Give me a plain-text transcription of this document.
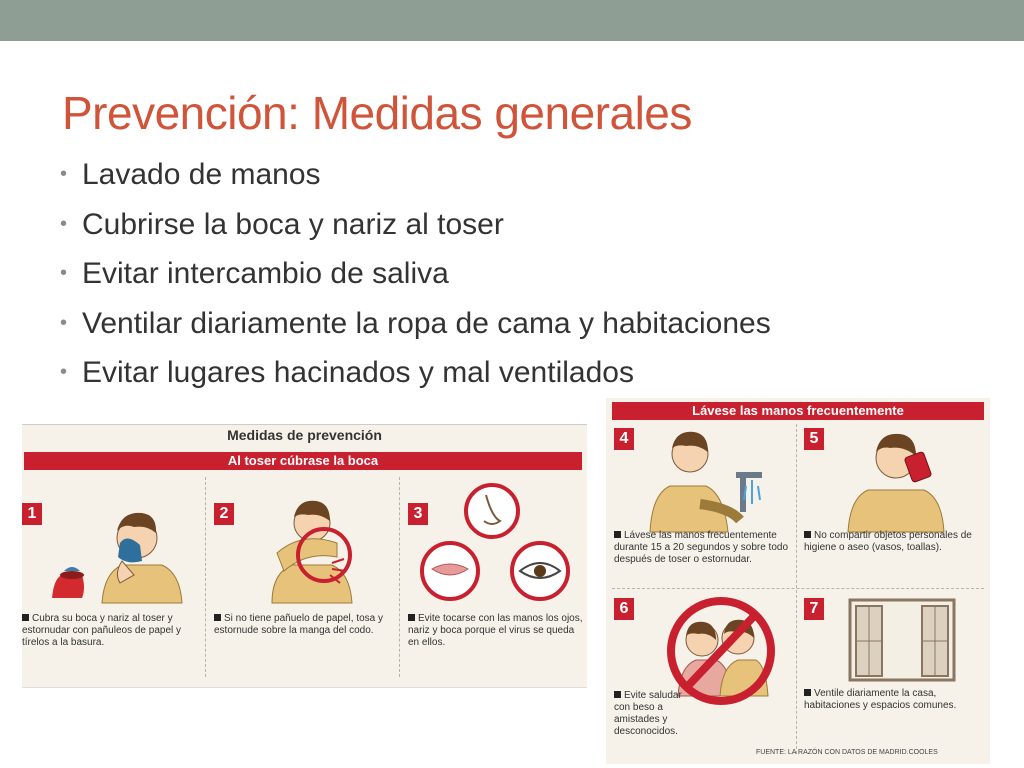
Prevención: Medidas generales
• Lavado de manos
• Cubrirse la boca y nariz al toser
• Evitar intercambio de saliva
• Ventilar diariamente la ropa de cama y habitaciones
• Evitar lugares hacinados y mal ventilados
Medidas de prevención
Al toser cúbrase la boca
1
Cubra su boca y nariz al toser y estornudar con pañuleos de papel y tírelos a la basura.
2
Si no tiene pañuelo de papel, tosa y estornude sobre la manga del codo.
3
Evite tocarse con las manos los ojos, nariz y boca porque el virus se queda en ellos.
Lávese las manos frecuentemente
4
Lávese las manos frecuentemente durante 15 a 20 segundos y sobre todo después de toser o estornudar.
5
No compartir objetos personales de higiene o aseo (vasos, toallas).
6
Evite saludar con beso a amistades y desconocidos.
7
Ventile diariamente la casa, habitaciones y espacios comunes.
FUENTE: LA RAZÓN CON DATOS DE MADRID.COOLES
